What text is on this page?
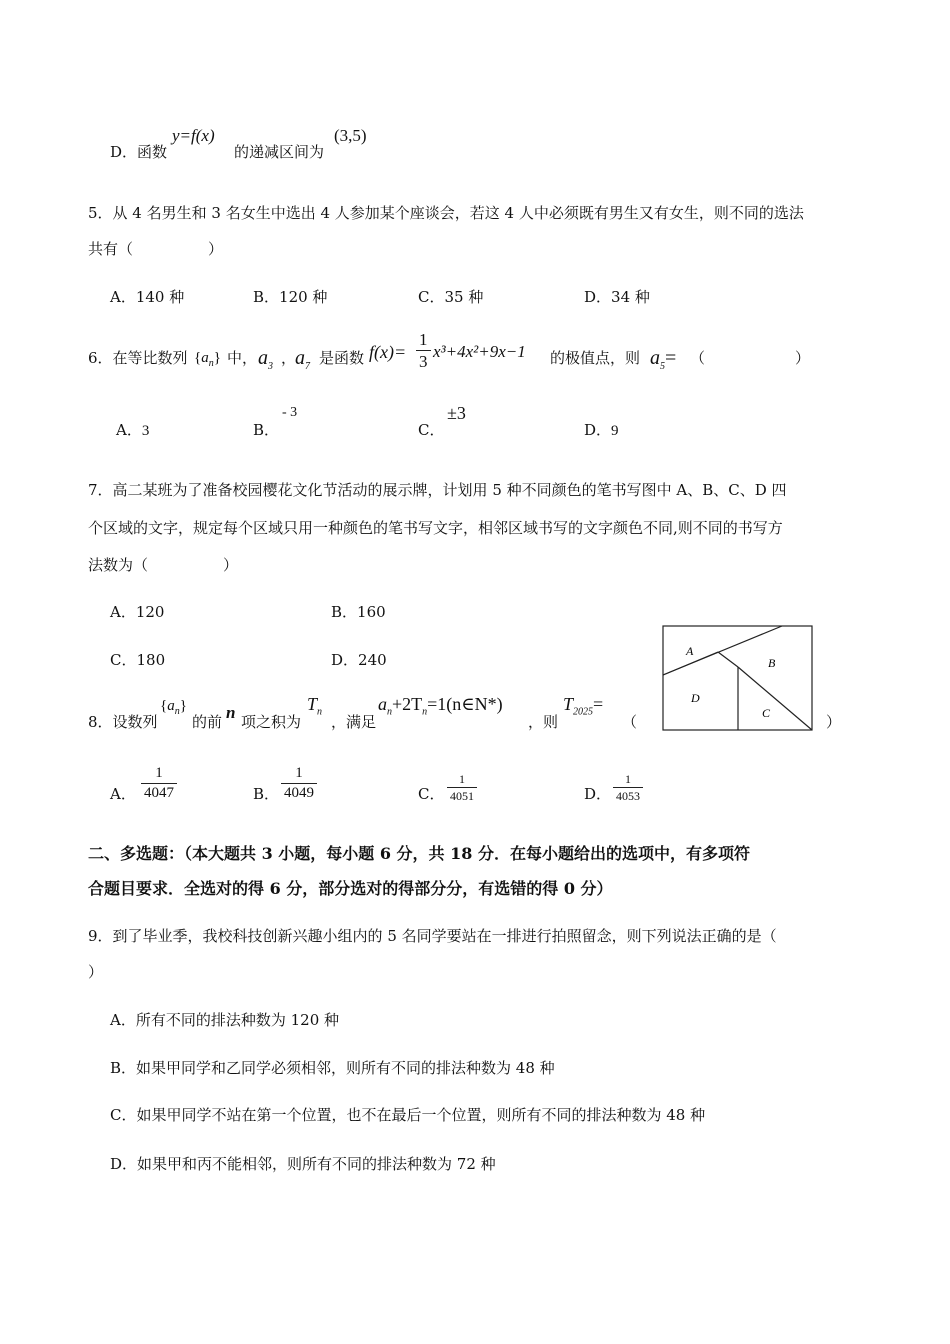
D．函数
y=f(x)
的递减区间为
(3,5)
5．从 4 名男生和 3 名女生中选出 4 人参加某个座谈会，若这 4 人中必须既有男生又有女生，则不同的选法
共有（　　　　　）
A．140 种	B．120 种	C．35 种	D．34 种
6．在等比数列 $\{a_n\}$ 中， $a_3$ ，
$a_7$ 是函数 $f(x)= \frac{1}{3} x^3+4x^2+9x-1$ 的极值点，则 $a_5=$ （　　　　　　）
A．3	B．
- 3
C．
±3
D．9
7．高二某班为了准备校园樱花文化节活动的展示牌，计划用 5 种不同颜色的笔书写图中 A、B、C、D 四
个区域的文字，规定每个区域只用一种颜色的笔书写文字，相邻区域书写的文字颜色不同,则不同的书写方
法数为（　　　　　）
A．120	B．160
C．180	D．240	A
B
C
D
8．设数列
$\{a_n\}$
的前 n 项之积为
$T_n$
，满足
$a_n+2T_n=1(n\in N*)$
，则
$T_{2025}=$
（	）
A． $\frac{1}{4047}$	B． $\frac{1}{4049}$	C． $\frac{1}{4051}$	D． $\frac{1}{4053}$
二、多选题：（本大题共 3 小题，每小题 6 分，共 18 分．在每小题给出的选项中，有多项符
合题目要求．全选对的得 6 分，部分选对的得部分分，有选错的得 0 分）
9．到了毕业季，我校科技创新兴趣小组内的 5 名同学要站在一排进行拍照留念，则下列说法正确的是（
）
A．所有不同的排法种数为 120 种
B．如果甲同学和乙同学必须相邻，则所有不同的排法种数为 48 种
C．如果甲同学不站在第一个位置，也不在最后一个位置，则所有不同的排法种数为 48 种
D．如果甲和丙不能相邻，则所有不同的排法种数为 72 种
